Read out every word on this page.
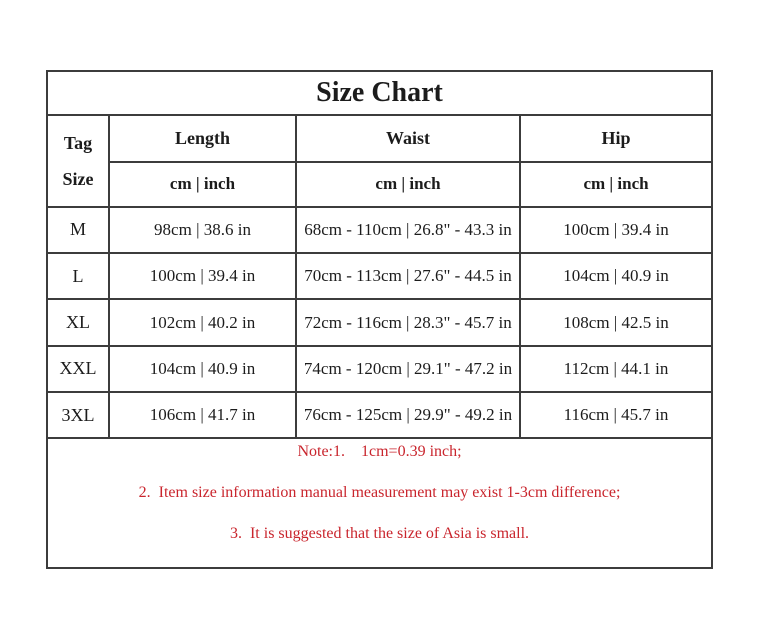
Size Chart			

Tag
Size	Length	Waist	Hip
	cm | inch	cm | inch	cm | inch
M	98cm | 38.6 in	68cm - 110cm | 26.8" - 43.3 in	100cm | 39.4 in
L	100cm | 39.4 in	70cm - 113cm | 27.6" - 44.5 in	104cm | 40.9 in
XL	102cm | 40.2 in	72cm - 116cm | 28.3" - 45.7 in	108cm | 42.5 in
XXL	104cm | 40.9 in	74cm - 120cm | 29.1" - 47.2 in	112cm | 44.1 in
3XL	106cm | 41.7 in	76cm - 125cm | 29.9" - 49.2 in	116cm | 45.7 in

Note:1.    1cm=0.39 inch;

2.  Item size information manual measurement may exist 1-3cm difference;

3.  It is suggested that the size of Asia is small.			
